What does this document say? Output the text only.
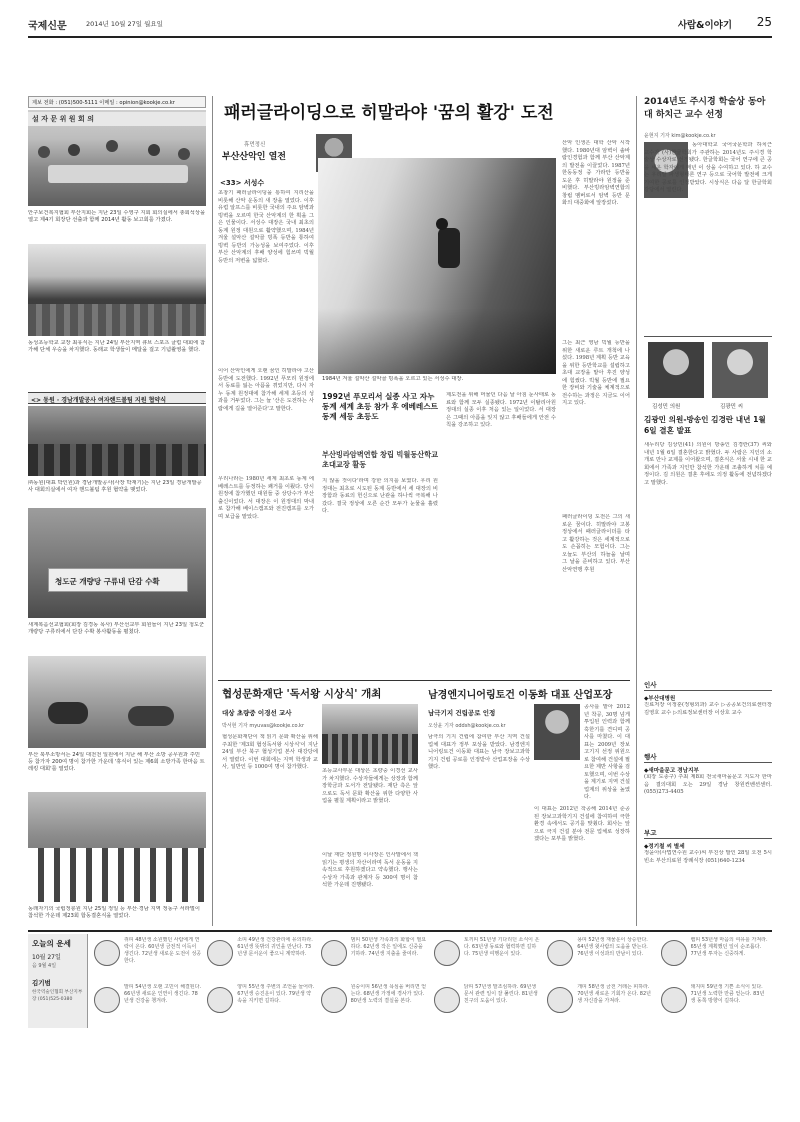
국제신문	2014년 10월 27일 월요일	사람&이야기 25
제보 전화 : (051)500-5111 이메일 : opinion@kookje.co.kr
설 자 문 위 원 회 의
안구보건복지협회 부산지회는 지난 23일 수영구 지회 회의실에서 총회석상을 열고 제4기 회장단 선출과 함께 2014년 활동 보고회를 가졌다.
동성초등학교 교장 최유식는 지난 24일 부산지역 큐브 스포츠 클럽 대회에 참가해 단체 우승을 차지했다. 동래교 학생들이 메달을 걸고 기념촬영을 했다.
<> 동원 · 경남개발공사 여자핸드볼팀 지원 협약식
㈜동원(대표 박인원)과 경남개발공사(사장 박재기)는 지난 23일 경남개발공사 대회의실에서 여자 핸드볼팀 후원 협약을 맺었다.
청도군 개량당 구류내 단감 수확
새계복음선교협회(회장 김경동 목사) 부산선교부 회원들이 지난 23일 청도군 개량당 구류리에서 단감 수확 봉사활동을 펼쳤다.
부산 북부소방서는 24일 대천천 일원에서 지난 해 부산 소방 공무원과 주민 등 참가자 200여 명이 참가한 가운데 '휴식이 있는 제6회 소방가족 한마음 트레킹 대회'를 열었다.
동래자기의 국립정릉원 지난 25일 정일 등 부산·경남 지역 정동구 서라벌이 참석한 가운데 제23회 합동결혼식을 열었다.
패러글라이딩으로 히말라야 '꿈의 활강' 도전
휴먼정신
부산산악인 열전
<33> 서성수
초창기 패러글라이딩을 통하여 지리산을 비롯해 산악 운동의 새 장을 열었다. 이후 유럽 알프스를 비롯한 국내의 주요 암벽과 빙벽을 오르며 한국 산악계의 한 획을 그은 인물이다. 서성수 대장은 국내 최초의 동계 원정 대원으로 활약했으며, 1984년 겨울 설악산 설악골 빙폭 등반을 통하여 빙벽 등반의 가능성을 보여주었다. 이후 부산 산악계의 후배 양성에 힘쓰며 빅월 등반의 저변을 넓혔다.
이어 산악인에게 오랜 꿈인 히말라야 고산 등반에 도전했다. 1992년 푸모리 원정에서 동료를 잃는 아픔을 겪었지만, 다시 자누 동계 원정대에 참가해 세계 초등의 성과를 거두었다. 그는 늘 '산은 도전하는 사람에게 길을 열어준다'고 말한다.
우리나라는 1980년 세계 최초로 동계 에베레스트를 등정하는 쾌거를 이뤘다. 당시 원정에 참가했던 대원들 중 상당수가 부산 출신이었다. 서 대장은 이 원정대의 막내로 참가해 베이스캠프와 전진캠프를 오가며 보급을 맡았다.
1984년 겨울 설악산 설악골 빙폭을 오르고 있는 서성수 대장.
1992년 푸모리서 실종 사고 자누 동계 세계 초등 참가 후 에베레스트 동계 세등 초등도
부산빙라암벽연합 창립 빅월동산학교 초대교장 활동
지 않을 것이다'라며 강한 의지를 보였다. 우리 원정대는 최초로 시도된 동계 등반에서 세 대장의 비장함과 동료의 헌신으로 난관을 하나씩 극복해 나갔다. 결국 정상에 오른 순간 모두가 눈물을 흘렸다.
제도전을 위해 머물던 다음 날 아침 눈사태로 동료와 함께 모두 실종됐다. 1972년 이탈리아원정대의 실종 이후 처음 있는 일이었다. 서 대장은 그때의 아픔을 잊지 않고 후배들에게 안전 수칙을 강조하고 있다.
산악 인생은 대학 산악 시작했다. 1980년대 암벽이 솔바람인경험과 함께 부산 산악계의 발전을 이끌었다. 1987년 한동동정 중 가라안 등반을 도운 후 히말라야 원정을 준비했다. 부산빙라암벽연합의 창립 멤버로서 암벽 등반 문화의 대중화에 앞장섰다.
그는 최근 영남 빅월 등반을 위한 새로운 루트 개척에 나섰다. 1998년 계획 등반 교육을 위한 등반학교를 설립하고 초대 교장을 맡아 후진 양성에 힘썼다. 빅월 등반에 필요한 장비와 기술을 체계적으로 전수하는 과정은 지금도 이어지고 있다.
패러글라이딩 도전은 그의 새로운 꿈이다. 히말라야 고봉 정상에서 패러글라이더를 타고 활강하는 것은 세계적으로도 손꼽히는 모험이다. 그는 오늘도 부산의 하늘을 날며 그 날을 준비하고 있다. 부산산악연맹 후원
협성문화재단 '독서왕 시상식' 개최
대상 초량중 이경선 교사
박서현 기자 myuvas@kookje.co.kr
협성문화재단이 책 읽기 문화 확산을 위해 주최한 '제3회 협성독서왕 시상식'이 지난 24일 부산 북구 협성기업 본사 대강당에서 열렸다. 이번 대회에는 지역 학생과 교사, 일반인 등 1000여 명이 참가했다.
초등교사부문 대상은 초량중 이경선 교사가 차지했다. 수상자들에게는 상장과 함께 장학금과 도서가 전달됐다. 재단 측은 앞으로도 독서 문화 확산을 위한 다양한 사업을 펼칠 계획이라고 밝혔다.
이날 재단 정원명 이사장은 인사말에서 책 읽기는 평생의 자산이라며 독서 운동을 지속적으로 후원하겠다고 약속했다. 행사는 수상자 가족과 관계자 등 300여 명이 참석한 가운데 진행됐다.
남경엔지니어링토건 이동화 대표 산업포장
남극기지 건립공로 인정
오상윤 기자 oddsh@kookje.co.kr
남극의 기지 건립에 참여한 부산 지역 건설업체 대표가 정부 포상을 받았다. 남경엔지니어링토건 이동화 대표는 남극 장보고과학기지 건립 공로를 인정받아 산업포장을 수상했다.
공사를 맡아 2012년 착공, 30명 넘게 투입된 인력과 함께 혹한기를 견디며 공사를 마쳤다. 이 대표는 2009년 장보고기지 선정 위원으로 참여해 건설에 필요한 제반 사항을 검토했으며, 이번 수상을 계기로 지역 건설업계의 위상을 높였다.
이 대표는 2012년 착공해 2014년 준공된 장보고과학기지 건설에 참여하여 극한 환경 속에서도 공기를 맞췄다. 회사는 앞으로 극지 건설 분야 전문 업체로 성장하겠다는 포부를 밝혔다.
2014년도 주시경 학술상 동아대 하치근 교수 선정
윤현지 기자 kim@kookje.co.kr
동아대학교 국어국문학과 하치근 교수가 (사)한글학회가 주관하는 2014년도 주시경 학술상 수상자로 선정됐다. 한글학회는 국어 연구에 큰 공을 세운 학자에게 매년 이 상을 수여하고 있다. 하 교수는 우리말 파생형태론 연구 등으로 국어학 발전에 크게 기여한 공로를 인정받았다. 시상식은 다음 달 한글학회 강당에서 열린다.
김성민 의원	김광민 씨
김광민 의원-방송인 김경란 내년 1월 6일 결혼 발표
새누리당 김상민(41) 의원이 방송인 김경란(37) 씨와 내년 1월 6일 결혼한다고 밝혔다. 두 사람은 지인의 소개로 만나 교제를 이어왔으며, 결혼식은 서울 시내 한 교회에서 가족과 지인만 참석한 가운데 조촐하게 치를 예정이다. 김 의원은 결혼 후에도 의정 활동에 전념하겠다고 말했다.
인사
◆부산대병원
진료처장 이정훈(정형외과) 교수 ▷공공보건의료센터장 김영호 교수 ▷의료정보센터장 이상호 교수
행사
◆새마을문고 경남지부
(회장 도종구) 주최 제8회 전국새마을문고 지도자 한마음 결의대회 오는 29일 경남 창원컨벤션센터. (055)273-4405
부고
◆정기철 씨 별세
정윤아(사법연수원 교수)씨 부친상 발인 28일 오전 5시 빈소 부산의료원 장례식장 (051)640-1234
오늘의 운세
10월 27일
음 9월 4일
김기범
한국역술인협회 부산지부장 (051)525-0380
쥐띠 48년생 소원했던 사람에게 연락이 온다. 60년생 금전적 이득이 생긴다. 72년생 새로운 도전이 성공한다.
소띠 49년생 건강관리에 유의하라. 61년생 뜻밖의 귀인을 만난다. 73년생 문서운이 좋으니 계약하라.
범띠 50년생 가족과의 화합이 필요하다. 62년생 작은 일에도 신중을 기하라. 74년생 지출을 줄여라.
토끼띠 51년생 기다리던 소식이 온다. 63년생 동료와 협력하면 길하다. 75년생 여행운이 있다.
용띠 52년생 재물운이 상승한다. 64년생 윗사람의 도움을 받는다. 76년생 이성과의 만남이 있다.
뱀띠 53년생 마음의 여유를 가져라. 65년생 계획했던 일이 순조롭다. 77년생 투자는 신중하게.
말띠 54년생 오랜 고민이 해결된다. 66년생 새로운 인연이 생긴다. 78년생 건강을 챙겨라.
양띠 55년생 주변의 조언을 들어라. 67년생 승진운이 있다. 79년생 약속을 지키면 길하다.
원숭이띠 56년생 욕심을 버리면 얻는다. 68년생 가정에 경사가 있다. 80년생 노력의 결실을 본다.
닭띠 57년생 말조심하라. 69년생 문서 관련 일이 잘 풀린다. 81년생 친구의 도움이 있다.
개띠 58년생 금전 거래는 피하라. 70년생 새로운 기회가 온다. 82년생 자신감을 가져라.
돼지띠 59년생 기쁜 소식이 있다. 71년생 노력한 만큼 얻는다. 83년생 동쪽 방향이 길하다.
